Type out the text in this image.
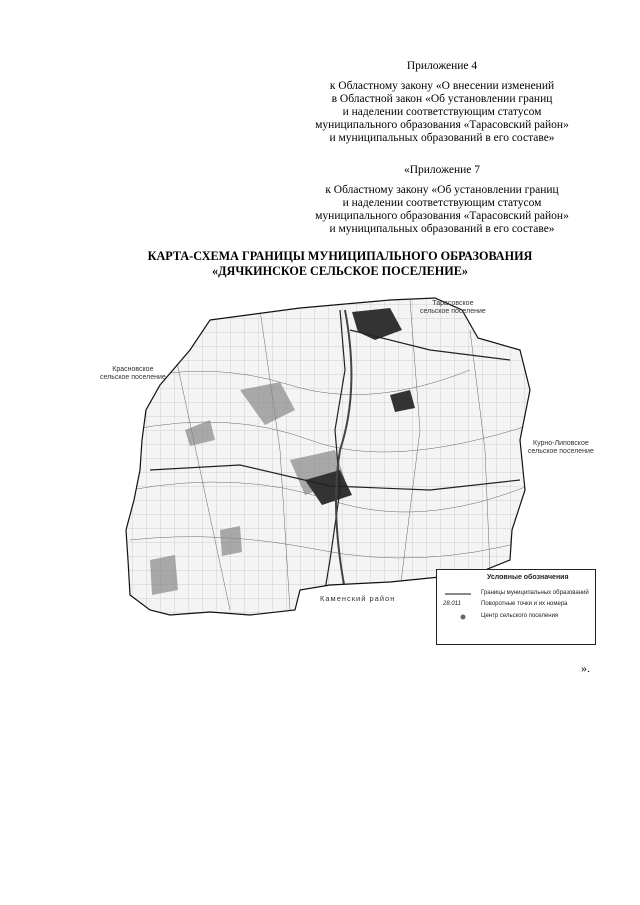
Приложение 4
к Областному закону «О внесении изменений
в Областной закон «Об установлении границ
и наделении соответствующим статусом
муниципального образования «Тарасовский район»
и муниципальных образований в его составе»
«Приложение 7
к Областному закону «Об установлении границ
и наделении соответствующим статусом
муниципального образования «Тарасовский район»
и муниципальных образований в его составе»
КАРТА-СХЕМА ГРАНИЦЫ МУНИЦИПАЛЬНОГО ОБРАЗОВАНИЯ
«ДЯЧКИНСКОЕ СЕЛЬСКОЕ ПОСЕЛЕНИЕ»
Тарасовское
сельское поселение
Красновское
сельское поселение
Курно-Липовское
сельское поселение
Каменский район
Условные обозначения
Границы муниципальных образований
28.011	Поворотные точки и их номера
Центр сельского поселения
».
